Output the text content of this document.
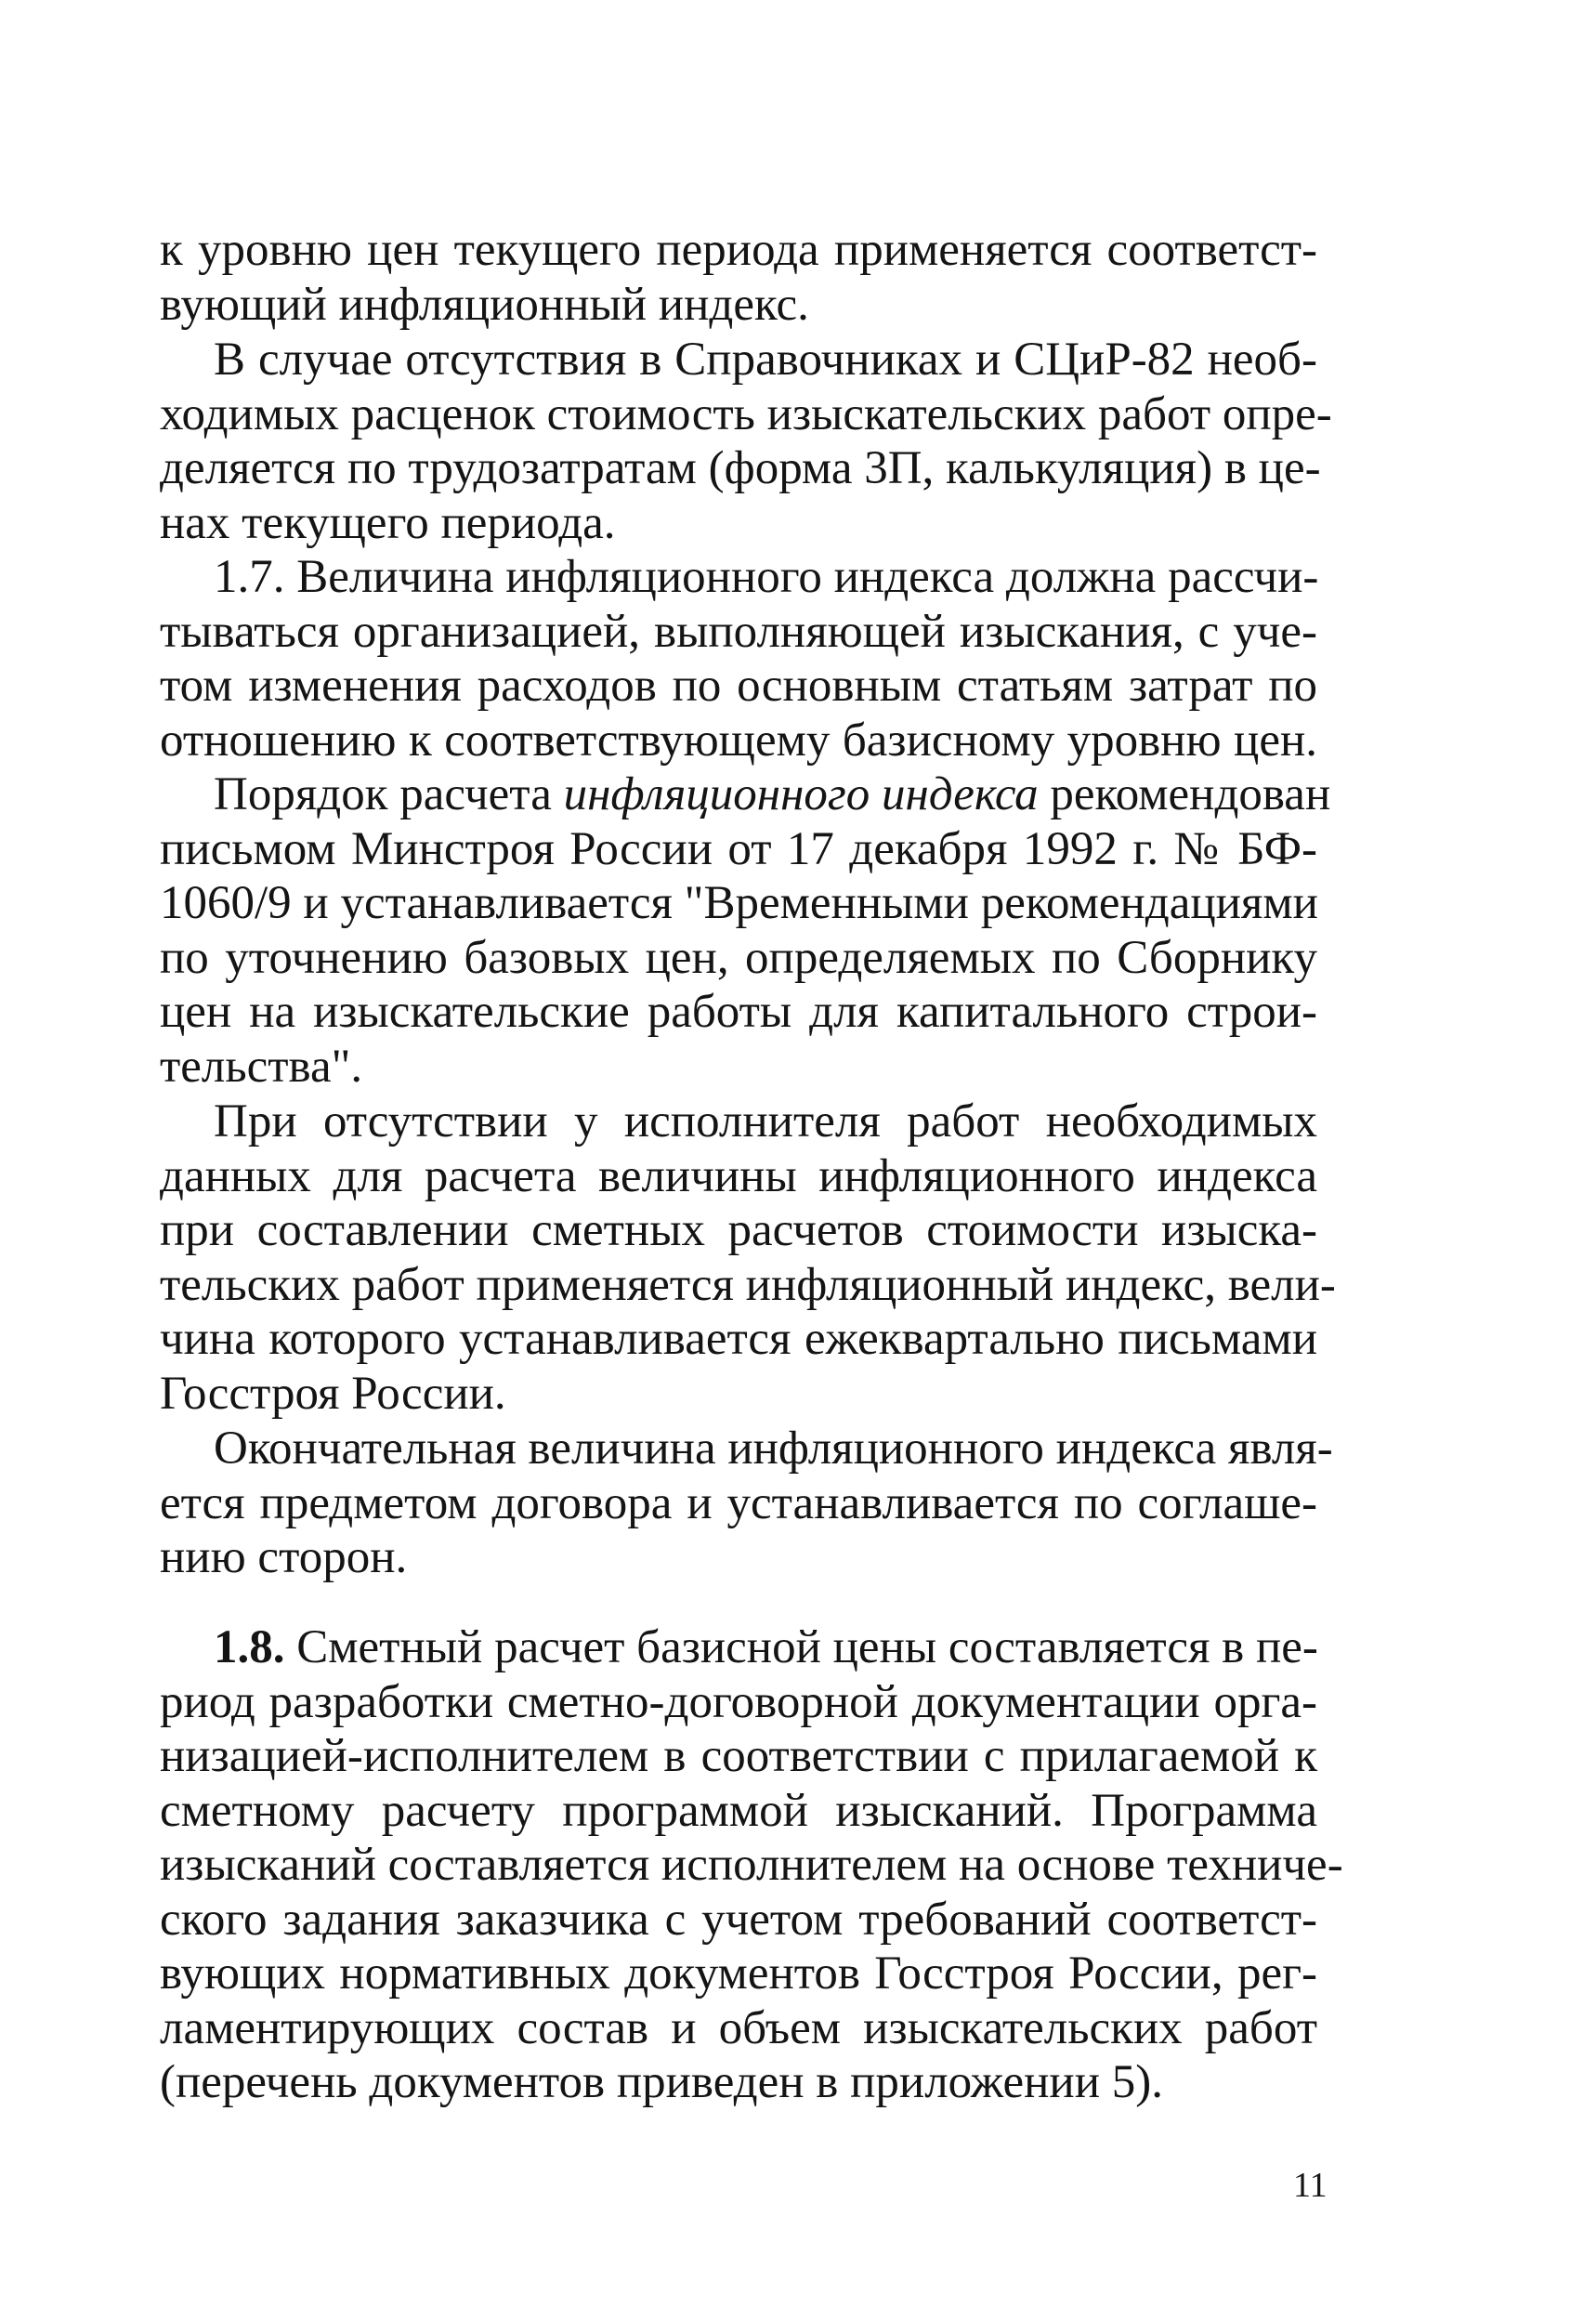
к уровню цен текущего периода применяется соответст-
вующий инфляционный индекс.
В случае отсутствия в Справочниках и СЦиР-82 необ-
ходимых расценок стоимость изыскательских работ опре-
деляется по трудозатратам (форма 3П, калькуляция) в це-
нах текущего периода.
1.7. Величина инфляционного индекса должна рассчи-
тываться организацией, выполняющей изыскания, с уче-
том изменения расходов по основным статьям затрат по
отношению к соответствующему базисному уровню цен.
Порядок расчета инфляционного индекса рекомендован
письмом Минстроя России от 17 декабря 1992 г. № БФ-
1060/9 и устанавливается "Временными рекомендациями
по уточнению базовых цен, определяемых по Сборнику
цен на изыскательские работы для капитального строи-
тельства".
При отсутствии у исполнителя работ необходимых
данных для расчета величины инфляционного индекса
при составлении сметных расчетов стоимости изыска-
тельских работ применяется инфляционный индекс, вели-
чина которого устанавливается ежеквартально письмами
Госстроя России.
Окончательная величина инфляционного индекса явля-
ется предметом договора и устанавливается по соглаше-
нию сторон.
1.8. Сметный расчет базисной цены составляется в пе-
риод разработки сметно-договорной документации орга-
низацией-исполнителем в соответствии с прилагаемой к
сметному расчету программой изысканий. Программа
изысканий составляется исполнителем на основе техниче-
ского задания заказчика с учетом требований соответст-
вующих нормативных документов Госстроя России, рег-
ламентирующих состав и объем изыскательских работ
(перечень документов приведен в приложении 5).
11
